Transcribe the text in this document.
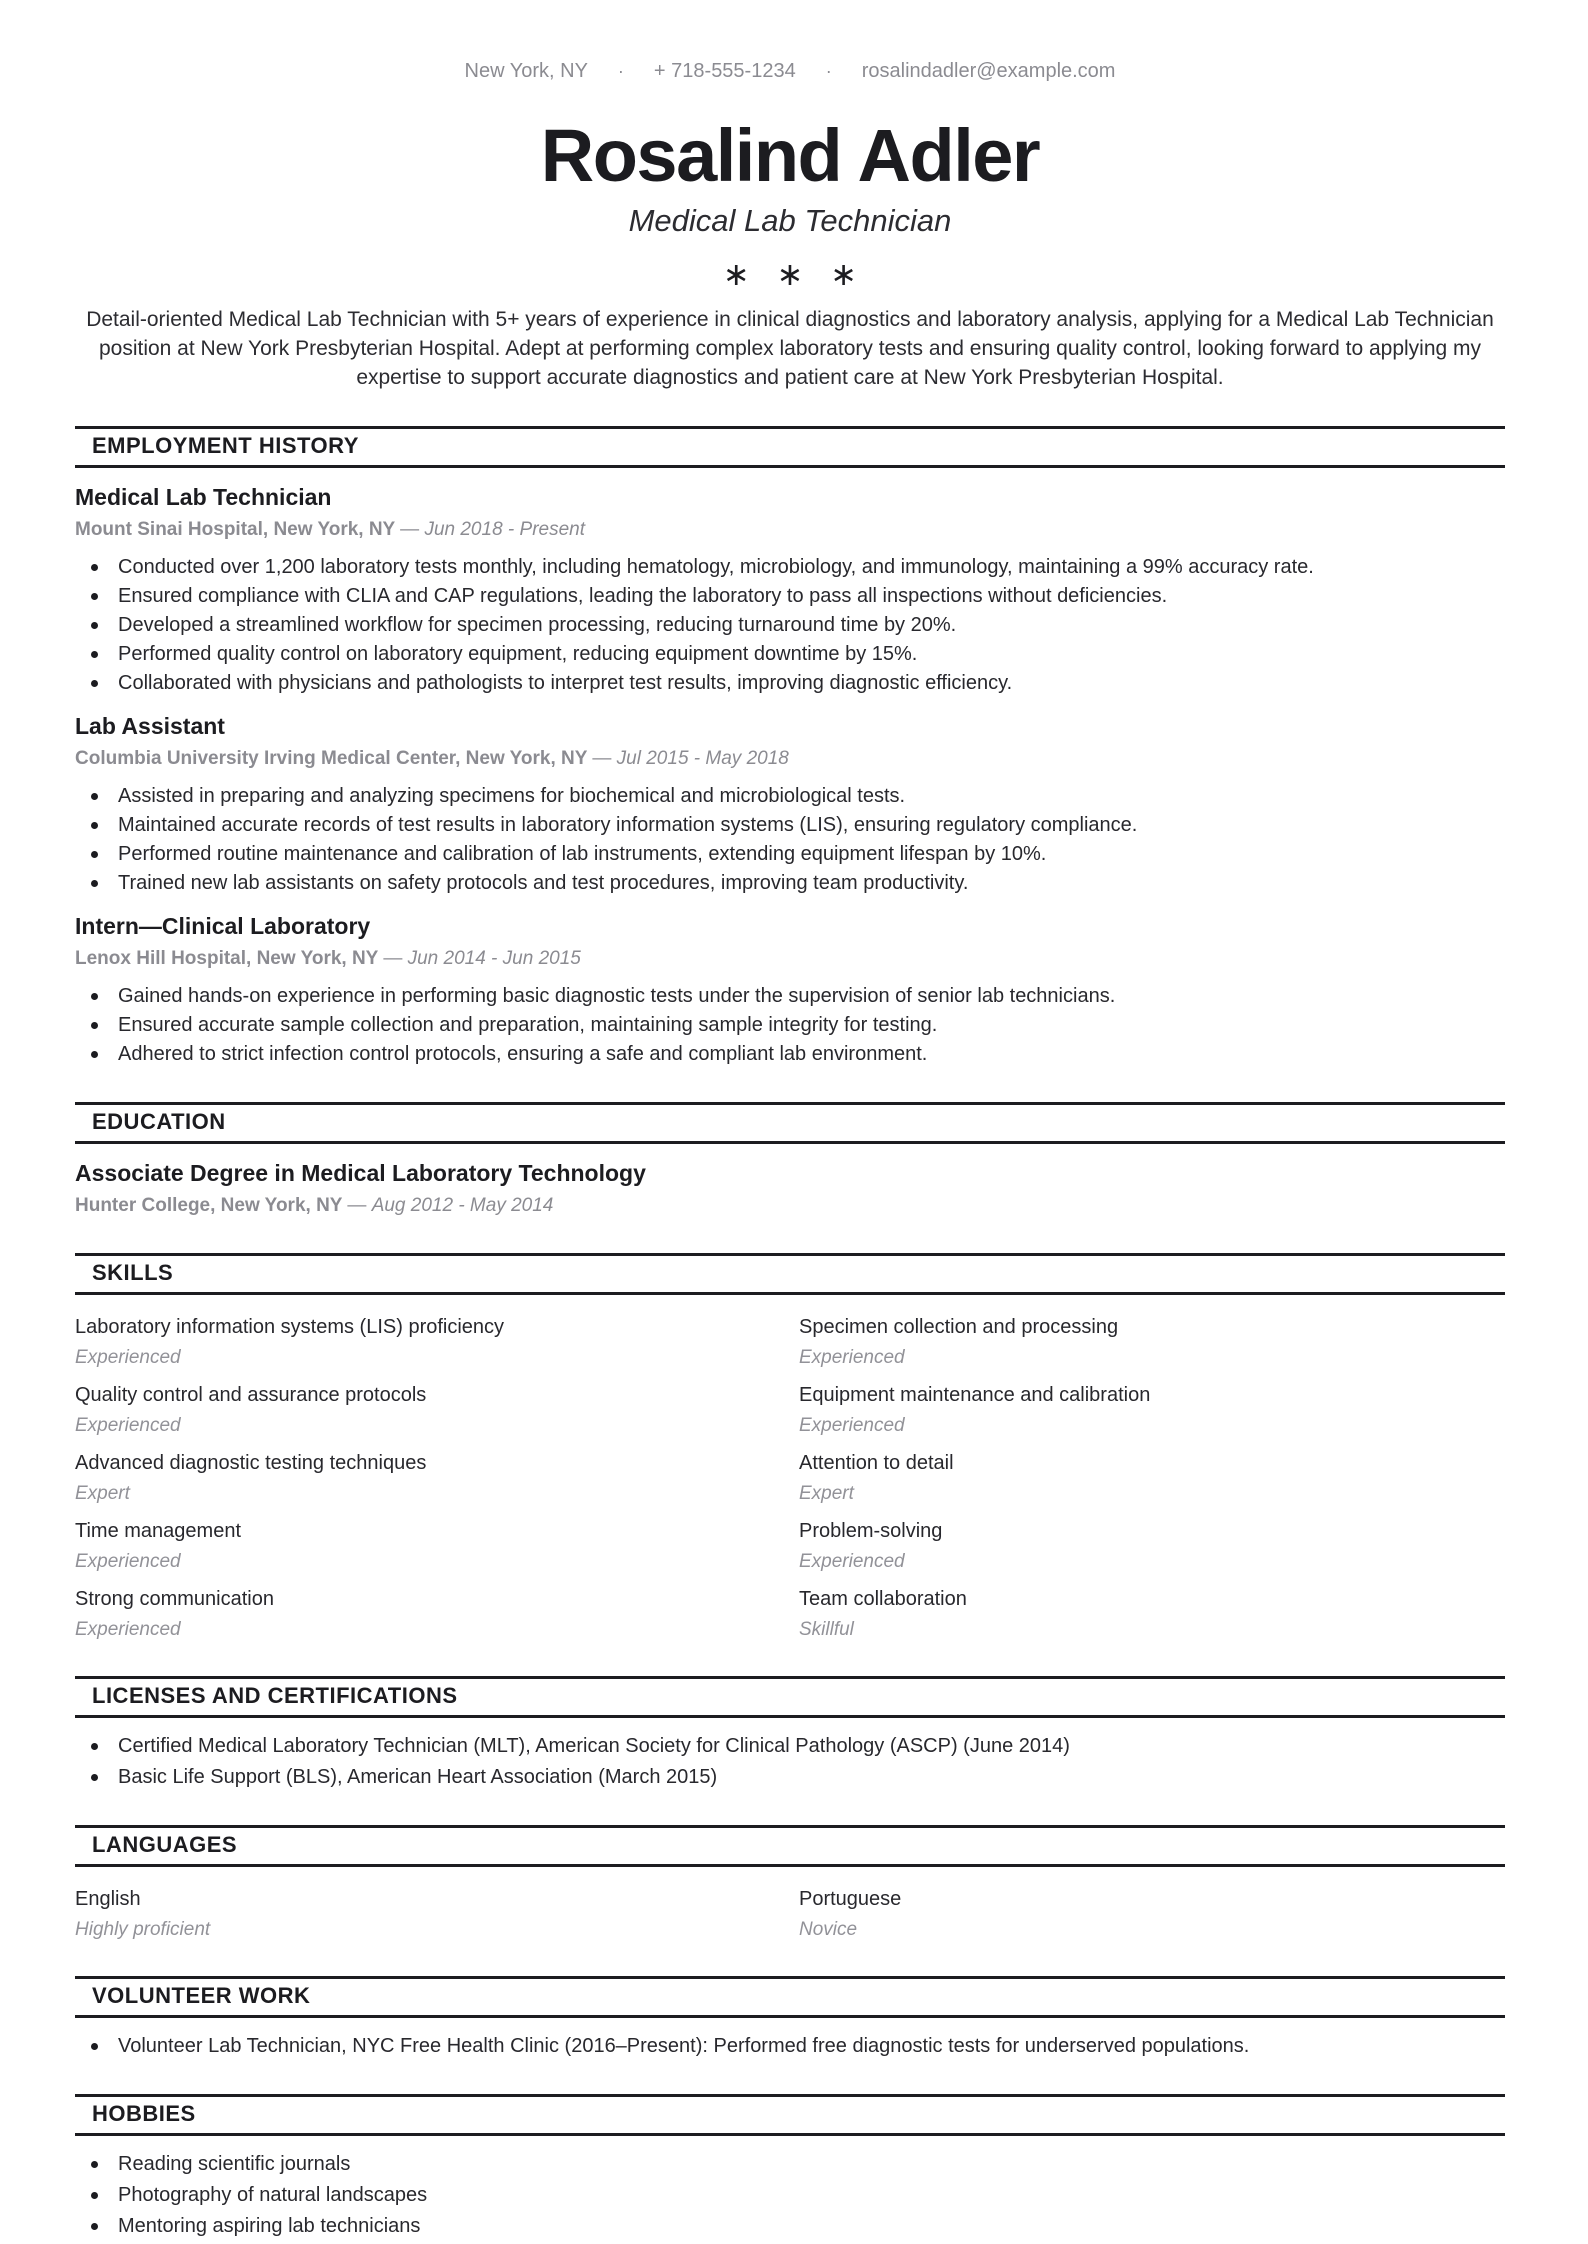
New York, NY · + 718-555-1234 · rosalindadler@example.com
Rosalind Adler
Medical Lab Technician
∗ ∗ ∗

Detail-oriented Medical Lab Technician with 5+ years of experience in clinical diagnostics and laboratory analysis, applying for a Medical Lab Technician position at New York Presbyterian Hospital. Adept at performing complex laboratory tests and ensuring quality control, looking forward to applying my expertise to support accurate diagnostics and patient care at New York Presbyterian Hospital.

EMPLOYMENT HISTORY
Medical Lab Technician
Mount Sinai Hospital, New York, NY — Jun 2018 - Present
Conducted over 1,200 laboratory tests monthly, including hematology, microbiology, and immunology, maintaining a 99% accuracy rate.
Ensured compliance with CLIA and CAP regulations, leading the laboratory to pass all inspections without deficiencies.
Developed a streamlined workflow for specimen processing, reducing turnaround time by 20%.
Performed quality control on laboratory equipment, reducing equipment downtime by 15%.
Collaborated with physicians and pathologists to interpret test results, improving diagnostic efficiency.
Lab Assistant
Columbia University Irving Medical Center, New York, NY — Jul 2015 - May 2018
Assisted in preparing and analyzing specimens for biochemical and microbiological tests.
Maintained accurate records of test results in laboratory information systems (LIS), ensuring regulatory compliance.
Performed routine maintenance and calibration of lab instruments, extending equipment lifespan by 10%.
Trained new lab assistants on safety protocols and test procedures, improving team productivity.
Intern—Clinical Laboratory
Lenox Hill Hospital, New York, NY — Jun 2014 - Jun 2015
Gained hands-on experience in performing basic diagnostic tests under the supervision of senior lab technicians.
Ensured accurate sample collection and preparation, maintaining sample integrity for testing.
Adhered to strict infection control protocols, ensuring a safe and compliant lab environment.
EDUCATION
Associate Degree in Medical Laboratory Technology
Hunter College, New York, NY — Aug 2012 - May 2014
SKILLS
Laboratory information systems (LIS) proficiency
Experienced
Specimen collection and processing
Experienced
Quality control and assurance protocols
Experienced
Equipment maintenance and calibration
Experienced
Advanced diagnostic testing techniques
Expert
Attention to detail
Expert
Time management
Experienced
Problem-solving
Experienced
Strong communication
Experienced
Team collaboration
Skillful
LICENSES AND CERTIFICATIONS
Certified Medical Laboratory Technician (MLT), American Society for Clinical Pathology (ASCP) (June 2014)
Basic Life Support (BLS), American Heart Association (March 2015)
LANGUAGES
English
Highly proficient
Portuguese
Novice
VOLUNTEER WORK
Volunteer Lab Technician, NYC Free Health Clinic (2016–Present): Performed free diagnostic tests for underserved populations.
HOBBIES
Reading scientific journals
Photography of natural landscapes
Mentoring aspiring lab technicians
